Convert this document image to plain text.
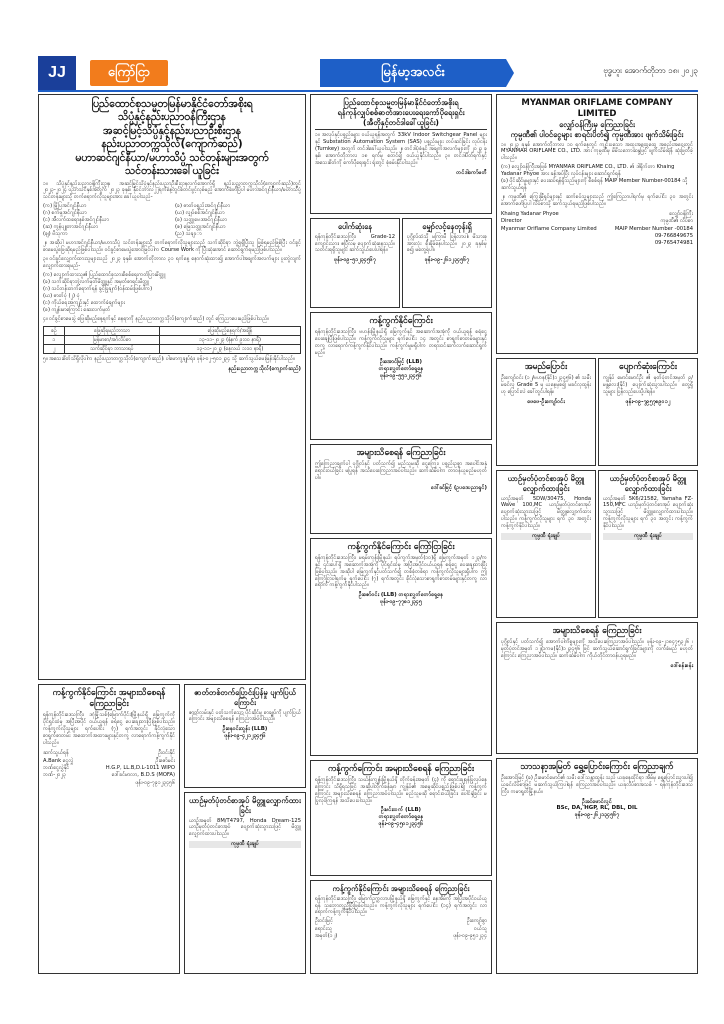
JJ	ကြော်ငြာ	မြန်မာ့အလင်း	ဗုဒ္ဓဟူး အောက်တိုဘာ ၁၈၊ ၂၀၂၃
ပြည်ထောင်စုသမ္မတမြန်မာနိုင်ငံတော်အစိုးရ
သိပ္ပံနှင့်နည်းပညာဝန်ကြီးဌာန
အဆင့်မြင့်သိပ္ပံနှင့်နည်းပညာဦးစီးဌာန
နည်းပညာတက္ကသိုလ်(ကျောက်ဆည်)
မဟာဆင်ဂျင်နီယာ/မဟာသိပ္ပံ သင်တန်းများအတွက်
သင်တန်းသားခေါ်ယူခြင်း

၁။ သိပ္ပံနှင့်နည်းပညာဝန်ကြီးဌာန၊ အဆင့်မြင့်သိပ္ပံနှင့်နည်းပညာဦးစီးဌာနလက်အောက်ရှိ နည်းပညာတက္ကသိုလ်(ကျောက်ဆည်)တွင် ၂၀၂၃-၂၀၂၄ ပညာသင်နှစ်အတွက် ၂၀၂၃ ခုနှစ်၊ နိုဝင်ဘာလ၂၂ရက်နေ့တွင်စတင်ဖွင့်လှစ်မည့် အောက်ဖော်ပြပါ မဟာအင်ဂျင်နီယာ/မဟာသိပ္ပံ သင်တန်းများသို့ တက်ရောက်လိုသူများအား ခေါ်ယူပါသည်-

(က) မြို့ပြအင်ဂျင်နီယာ	(ခ) ဓာတ်ပစ္စည်းအင်ဂျင်နီယာ
(ဂ) စက်မှုအင်ဂျင်နီယာ	(ဃ) လျှပ်စစ်အင်ဂျင်နီယာ
(င) အီလက်ထရောနစ်အင်ဂျင်နီယာ	(စ) သတ္တုဗေဒအင်ဂျင်နီယာ
(ဆ) ကွန်ပျူတာအင်ဂျင်နီယာ	(ဇ) မြေသတ္တုအင်ဂျင်နီယာ
(ဈ) ဗိသုကာ	(ည) သချၤာ

၂။ အဆိုပါ မဟာအင်ဂျင်နီယာ/မဟာသိပ္ပံ သင်တန်းများသို့ တက်ရောက်လိုသူများသည် သက်ဆိုင်ရာ ဘွဲ့ရရှိပြီးသူ ဖြစ်ရမည်ဖြစ်ပြီး ဝင်ခွင့်စာမေးပွဲဖြေဆိုရမည်ဖြစ်ပါသည်။ ဝင်ခွင့်စာမေးပွဲအောင်မြင်ပါက Course Work ကို ပြီးဆုံးအောင် ဆောင်ရွက်ရမည်ဖြစ်ပါသည်။

၃။ ဝင်ခွင့်လျှောက်ထားသူများသည် ၂၀၂၃ ခုနှစ်၊ အောက်တိုဘာလ ၃၁ ရက်နေ့ နောက်ဆုံးထား၍ အောက်ပါအချက်အလက်များ ပူးတွဲလျက် လျှောက်ထားရမည်-

(က) လျှောက်ထားသူ၏ ပြည်ထောင်စုသားစိစစ်ရေးကတ်ပြားမိတ္တူ
(ခ) သက်ဆိုင်ရာဘွဲ့လက်မှတ်မိတ္တူနှင့် အမှတ်စာရင်းမိတ္တူ
(ဂ) သင်တန်းတက်ရောက်ရန် ခွင့်ပြုချက်(ဝန်ထမ်းဖြစ်ပါက)
(ဃ) ဓာတ်ပုံ (၂) ပုံ
(င) ကိုယ်ရေးအကျဉ်းနှင့် ထောက်ခံချက်များ
(စ) ကျန်းမာကြောင်း ဆေးလက်မှတ်

၄။ ဝင်ခွင့်စာမေးပွဲ ဖြေဆိုမည့်နေ့ရက်နှင့် နေရာကို နည်းပညာတက္ကသိုလ်(ကျောက်ဆည်) တွင် ကြေညာပေးမည်ဖြစ်ပါသည်။

စဉ်	ဖြေဆိုရမည့်ဘာသာ	ဖြေဆိုမည့်နေ့ရက်/အချိန်
၁	မြန်မာစာ/အင်္ဂလိပ်စာ	၁၃-၁၁-၂၀၂၃ (နံနက် ၉:၀၀ နာရီ)
၂	သက်ဆိုင်ရာ ဘာသာရပ်	၁၃-၁၁-၂၀၂၃ (နေ့လယ် ၁:၀၀ နာရီ)

၅။ အသေးစိတ်သိရှိလိုပါက နည်းပညာတက္ကသိုလ်(ကျောက်ဆည်)၊ ပါမောက္ခချုပ်ရုံး၊ ဖုန်း-၀၂-၅၀၁၂၃၄ သို့ ဆက်သွယ်မေးမြန်းနိုင်ပါသည်။

နည်းပညာတက္ကသိုလ်(ကျောက်ဆည်)
ပြည်ထောင်စုသမ္မတမြန်မာနိုင်ငံတော်အစိုးရ
ရန်ကုန်လျှပ်စစ်ဓာတ်အားပေးရေးကော်ပိုရေးရှင်း
(အီတိုနှင့်တင်ဒါခေါ်ယူခြင်း)

၁။ အလုပ်နှင့်ပစ္စည်းများ ဝယ်ယူရန်အတွက် 33kV Indoor Switchgear Panel များနှင့် Substation Automation System (SAS) ပစ္စည်းများ တပ်ဆင်ခြင်း လုပ်ငန်း (Turnkey) အတွက် တင်ဒါခေါ်ယူပါသည်။ ၂။ တင်ဒါပုံစံနှင့် အချက်အလက်များကို ၂၀၂၃ ခုနှစ်၊ အောက်တိုဘာလ ၁၈ ရက်မှ စတင်၍ ဝယ်ယူနိုင်ပါသည်။ ၃။ တင်ဒါပိတ်ရက်နှင့် အသေးစိတ်ကို ကော်ပိုရေးရှင်း ရုံးတွင် စုံစမ်းနိုင်ပါသည်။

တင်ဒါကော်မတီ
MYANMAR ORIFLAME COMPANY LIMITED
လျှော်ဝန်ကြီးမှ ကြေညာခြင်း
ကုမ္ပဏီ၏ ပါဝင်ငွေများ စာရင်းပိတ်၍ ကုမ္ပဏီအား ဖျက်သိမ်းခြင်း

၁။ ၂၀၂၃ ခုနှစ် အောက်တိုဘာလ ၁၀ ရက်နေ့တွင် ကျင်းပသော အထူးအထွေထွေ အစည်းအဝေးတွင် MYANMAR ORIFLAME CO., LTD. အား ကုမ္ပဏီမှ မိမိသဘောဆန္ဒဖြင့် ဖျက်သိမ်းရန် ဆုံးဖြတ်ခဲ့ပါသည်။

(က) လျှော်ဝန်ကြီးအဖြစ် MYANMAR ORIFLAME CO., LTD. ၏ ဒါရိုက်တာ Khaing Yadanar Phyoe အား ခန့်အပ်ပြီး လုပ်ငန်းများ ဆောင်ရွက်ရန်
(ခ) ပိုင်ဆိုင်မှုများနှင့် ပေးဆပ်ရန်ရှိသည်များကို စိစစ်ရန် MAIP Member Number-00184 သို့ ဆက်သွယ်ရန်

၂။ ကုမ္ပဏီ၏ ကြွေးမြီရှင်များနှင့် ဆက်စပ်သူများသည် ဤကြေညာပါရက်မှ ရက်ပေါင်း ၃၀ အတွင်း အောက်ဖော်ပြပါ လိပ်စာသို့ ဆက်သွယ်ရမည်ဖြစ်ပါသည်။

Khaing Yadanar Phyoe	လျှော်ဝန်ကြီး
Director	ကုမ္ပဏီ၏ လိပ်စာ
Myanmar Oriflame Company Limited	MAIP Member Number -00184
09-766849675
09-765474981
ပေါက်ဆုံးနေ

ရန်ကုန်တိုင်းဒေသကြီး၊ Grade-12 ကျောင်းသား၊ ဧပြီလမှ ပျောက်ဆုံးနေသည်။ သတင်းရရှိသူများ ဆက်သွယ်ပေးပါရန်။

ဖုန်း-၀၉-၅၁၂၃၄၅၆၇
မျှော်လင့်နေတုန်းရှိ

ပုဂ္ဂိုလ်ထံသို့ မကြာမီ ပြန်လာပါ။ မိသားစုအားလုံး စိုးရိမ်နေပါသည်။ ၂၀၂၃ ခုနှစ်မှ စ၍ မတွေ့ရပါ။

ဖုန်း-၀၉-၂၆၁၂၃၄၅၆၇
ကန့်ကွက်နိုင်ကြောင်း

ရန်ကုန်တိုင်းဒေသကြီး၊ ဗဟန်းမြို့နယ်ရှိ မြေကွက်နှင့် အဆောက်အအုံကို ဝယ်ယူရန် စရံငွေပေးချေပြီးဖြစ်ပါသည်။ ကန့်ကွက်လိုသူများ ရက်ပေါင်း ၁၄ အတွင်း စာရွက်စာတမ်းများနှင့်တကွ လာရောက်ကန့်ကွက်နိုင်ပါသည်။ ကန့်ကွက်မှုမရှိပါက တရားဝင်ဆက်လက်ဆောင်ရွက်မည်။

ဦးအောင်မြင့် (LLB)
တရားလွှတ်တော်ရှေ့နေ
ဖုန်း-၀၉-၅၅၁၂၃၄၅၆
အမည်ပြောင်း

ဦးကျော်ဝင်း (၁၂/ဗဟန(နိုင်)၁၂၃၄၅၆) ၏ သမီး မခင်လှ Grade 5 မှ ယနေ့မှစ၍ မခင်လှထွန်း ဟု ပြောင်းလဲ ခေါ်တွင်ပါရန်။

ဖေဖေ-ဦးကျော်ဝင်း
ပျောက်ဆုံးကြောင်း

ကျွန်ုပ် မောင်မောင်ဦး ၏ မှတ်ပုံတင်အမှတ် ၉/မန္တလေး(နိုင်) ပျောက်ဆုံးသွားပါသည်။ တွေ့ရှိသူများ ပြန်လည်ပေးပို့ပါရန်။

ဖုန်း-၀၉-၇၉၅၇၈၉၀၁၂
အများသိစေရန် ကြေညာခြင်း

ဤကြေညာချက်ပါ ပုဂ္ဂိုလ်နှင့် ပတ်သက်၍ မည်သူမဆို ငွေကြေး၊ ပစ္စည်းဥစ္စာ အပေါင်အနှံ ရောင်းဝယ်ခြင်း မပြုရန် အသိပေးကြေညာအပ်ပါသည်။ ဆက်ဆံမိပါက တာဝန်ယူမည်မဟုတ်ပါ။

ဒေါ်ခင်မြင့် (ဥပဒေပညာရှင်)
ယာဉ်မှတ်ပုံတင်စာအုပ် မိတ္တူလျှောက်ထားခြင်း

ယာဉ်အမှတ် 5DW/30475, Honda Wave 100,MC ယာဉ်မှတ်ပုံတင်စာအုပ် ပျောက်ဆုံးသွားသဖြင့် မိတ္တူလျှောက်ထားပါသည်။ ကန့်ကွက်လိုသူများ ရက် ၃၀ အတွင်း ကန့်ကွက်နိုင်ပါသည်။

ကုမ္ပဏီ ရုံးချုပ်
ယာဉ်မှတ်ပုံတင်စာအုပ် မိတ္တူလျှောက်ထားခြင်း

ယာဉ်အမှတ် 5K6/21582, Yamaha FZ-150,MFC ယာဉ်မှတ်ပုံတင်စာအုပ် ပျောက်ဆုံးသွားသဖြင့် မိတ္တူလျှောက်ထားပါသည်။ ကန့်ကွက်လိုသူများ ရက် ၃၀ အတွင်း ကန့်ကွက်နိုင်ပါသည်။

ကုမ္ပဏီ ရုံးချုပ်
ကန့်ကွက်နိုင်ကြောင်း ကြော်ငြာခြင်း

ရန်ကုန်တိုင်းဒေသကြီး၊ မရမ်းကုန်းမြို့နယ်၊ ရပ်ကွက်အမှတ်(၁၀)ရှိ မြေကွက်အမှတ် ၁၂၃/က နှင့် ၎င်းပေါ်ရှိ အဆောက်အအုံကို ပိုင်ရှင်ထံမှ အပြီးအပိုင်ဝယ်ယူရန် စရံငွေ ပေးချေထားပြီးဖြစ်ပါသည်။ အဆိုပါ မြေကွက်နှင့်ပတ်သက်၍ တစ်စုံတစ်ရာ ကန့်ကွက်လိုသူများရှိပါက ဤကြော်ငြာပါရက်မှ ရက်ပေါင်း (၇) ရက်အတွင်း ခိုင်လုံသောစာရွက်စာတမ်းများနှင့်တကွ လာရောက် ကန့်ကွက်နိုင်ပါသည်။

ဦးဇော်ဝင်း (LLB) တရားလွှတ်တော်ရှေ့နေ
ဖုန်း-၀၉-၇၇၈၁၂၃၄၅
အများသိစေရန် ကြေညာခြင်း

ပုဂ္ဂိုလ်နှင့် ပတ်သက်၍ အောက်ပါကိစ္စများကို အသိပေးကြေညာအပ်ပါသည်။ ဖုန်း-၀၉-၂၁၈၄၇၅၃၂၆ ၊ မှတ်ပုံတင်အမှတ် ၁၂/ဥကမ(နိုင်)၁၂၃၄၅၆ ဖြင့် ဆက်သွယ်ဆောင်ရွက်ခြင်းများကို လက်ခံမည် မဟုတ်ကြောင်း ကြေညာအပ်ပါသည်။ ဆက်ဆံမိပါက ကိုယ်တိုင်တာဝန်ယူရမည်။

ဒေါ်စန်းစန်း
ကန့်ကွက်နိုင်ကြောင်း အများသိစေရန် ကြေညာခြင်း

ရန်ကုန်တိုင်းဒေသကြီး၊ ဒဂုံမြို့သစ်(မြောက်ပိုင်း)မြို့နယ်ရှိ မြေကွက်ကို ပိုင်ရှင်ထံမှ အပြီးအပိုင် ဝယ်ယူရန် စရံငွေ ပေးချေထားပြီးဖြစ်ပါသည်။ ကန့်ကွက်လိုသူများ ရက်ပေါင်း (၇) ရက်အတွင်း ခိုင်လုံသော စာရွက်စာတမ်း အထောက်အထားများနှင့်တကွ လာရောက်ကန့်ကွက်နိုင်ပါသည်။

ဆက်သွယ်ရန်	ဦးဝင်းနိုင်
A.Bank ငွေလွှဲ	ဦးဇော်မင်း
ဘဏ်ငွေလွှဲနိုင်	H.G.P, LL.B,D.L-1011 WIPO
ဘဏ်-၂၀၂၃	ဒေါ်ခင်မာလာ, B.D.S (MOFA)
ဖုန်း-၀၉-၇၉၁၂၃၄၅၆
ဇာတ်တစ်တက်ပြောင်းပြန်မှု ပျက်ပြယ်ကြောင်း

ဇာတ်လမ်းနှင့် ပတ်သက်သော ပိုင်ဆိုင်မှု စာချုပ်ကို ပျက်ပြယ်ကြောင်း အများသိစေရန် ကြေညာအပ်ပါသည်။

ဦးနေဝင်းထွန်း (LLB)
ဖုန်း-၀၉-၄၂၁၂၃၄၅၆
ယာဉ်မှတ်ပုံတင်စာအုပ် မိတ္တူလျှောက်ထားခြင်း

ယာဉ်အမှတ် 8M/T4797, Honda Dream-125 ယာဉ်မှတ်ပုံတင်စာအုပ် ပျောက်ဆုံးသွားသဖြင့် မိတ္တူလျှောက်ထားပါသည်။

ကုမ္ပဏီ ရုံးချုပ်
ကန့်ကွက်ကြောင်း အများသိစေရန် ကြေညာခြင်း

ရန်ကုန်တိုင်းဒေသကြီး၊ သင်္ဃန်းကျွန်းမြို့နယ်ရှိ တိုက်ခန်းအမှတ် (၄) ကို ရောင်းချရန်ပြုလုပ်နေကြောင်း သိရှိရသဖြင့် အဆိုပါတိုက်ခန်းမှာ ကျွန်ုပ်၏ အမွေဆိုင်ပစ္စည်းဖြစ်ပါ၍ ကန့်ကွက်ကြောင်း အများသိစေရန် ကြေညာအပ်ပါသည်။ မည်သူမဆို ရောင်းဝယ်ခြင်း၊ ပေါင်နှံခြင်း မပြုလုပ်ကြရန် အသိပေးပါသည်။

ဦးမင်းထက် (LLB)
တရားလွှတ်တော်ရှေ့နေ
ဖုန်း-၀၉-၄၅၀၁၂၃၄၅၆
ကန့်ကွက်နိုင်ကြောင်း အများသိစေရန် ကြေညာခြင်း

ရန်ကုန်တိုင်းဒေသကြီး၊ မြောက်ဥက္ကလာပမြို့နယ်ရှိ မြေကွက်နှင့် နေအိမ်ကို အပြီးအပိုင်ဝယ်ယူရန် သဘောတူညီပြီးဖြစ်ပါသည်။ ကန့်ကွက်လိုသူများ ရက်ပေါင်း (၁၄) ရက်အတွင်း လာရောက်ကန့်ကွက်နိုင်ပါသည်။

ဦးဝင်းမြင့်	ဦးကျော်စွာ
ရောင်းသူ	ဝယ်သူ
အမှတ်(၁၂)	ဖုန်း-၀၉-၉၅၁၂၃၄
သာသနာ့အမြတ် ရွှေ့ပြောင်းကြောင်း ကြေညာချက်

ဦးအောင်မြင့် (ခ) ဦးမောင်မောင်၏ သမီး ဒေါ်သန္တာထွန်း သည် ယခုနေထိုင်ရာ အိမ်မှ ရွှေ့ပြောင်းသွားပါ၍ ယခင်လိပ်စာဖြင့် မဆက်သွယ်ကြပါရန် ကြေညာအပ်ပါသည်။ ယခုလိပ်စာအသစ် - ရန်ကုန်တိုင်းဒေသကြီး၊ ကမာရွတ်မြို့နယ်။

ဦးခင်မောင်လွင်
BSc, DA, HGP, RL, DBL, DIL
ဖုန်း-၀၉-၂၆၂၁၃၄၅၆၇
